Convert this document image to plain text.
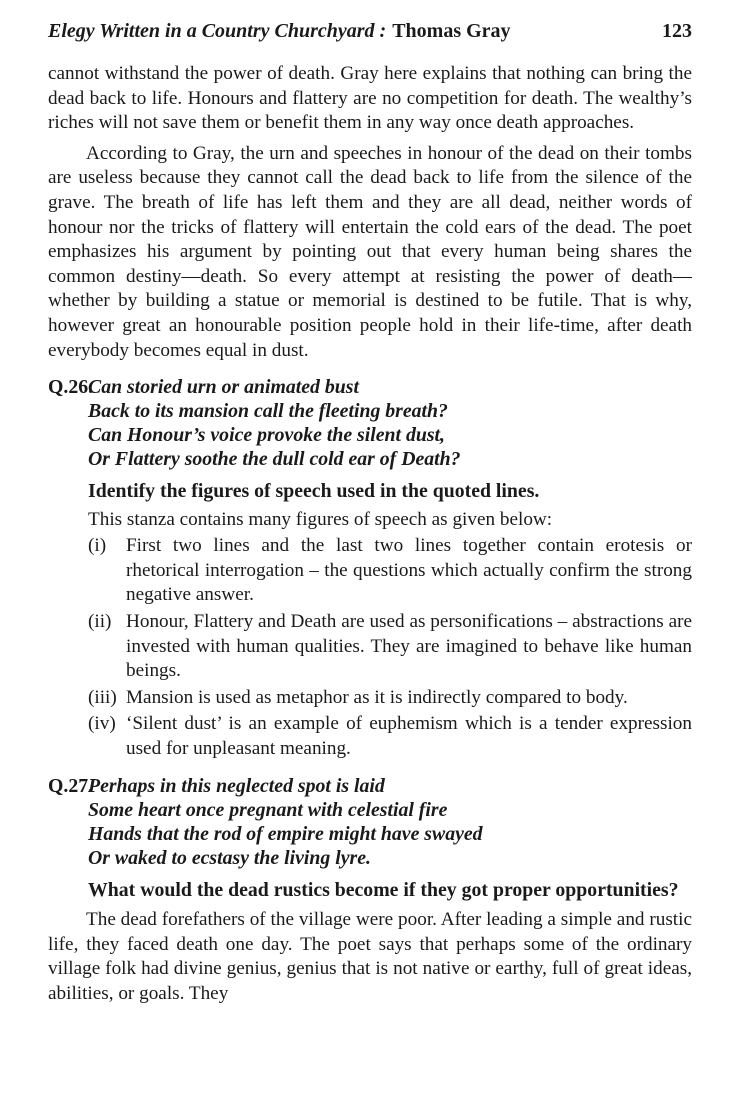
Elegy Written in a Country Churchyard : Thomas Gray	123

cannot withstand the power of death. Gray here explains that nothing can bring the dead back to life. Honours and flattery are no competition for death. The wealthy’s riches will not save them or benefit them in any way once death approaches.

According to Gray, the urn and speeches in honour of the dead on their tombs are useless because they cannot call the dead back to life from the silence of the grave. The breath of life has left them and they are all dead, neither words of honour nor the tricks of flattery will entertain the cold ears of the dead. The poet emphasizes his argument by pointing out that every human being shares the common destiny—death. So every attempt at resisting the power of death—whether by building a statue or memorial is destined to be futile. That is why, however great an honourable position people hold in their life-time, after death everybody becomes equal in dust.

Q.26.
Can storied urn or animated bust
Back to its mansion call the fleeting breath?
Can Honour’s voice provoke the silent dust,
Or Flattery soothe the dull cold ear of Death?
Identify the figures of speech used in the quoted lines.

This stanza contains many figures of speech as given below:

(i)	First two lines and the last two lines together contain erotesis or rhetorical interrogation – the questions which actually confirm the strong negative answer.
(ii) Honour, Flattery and Death are used as personifications – abstractions are invested with human qualities. They are imagined to behave like human beings.
(iii) Mansion is used as metaphor as it is indirectly compared to body.
(iv) ‘Silent dust’ is an example of euphemism which is a tender expression used for unpleasant meaning.
Q.27.
Perhaps in this neglected spot is laid
Some heart once pregnant with celestial fire
Hands that the rod of empire might have swayed
Or waked to ecstasy the living lyre.
What would the dead rustics become if they got proper opportunities?

The dead forefathers of the village were poor. After leading a simple and rustic life, they faced death one day. The poet says that perhaps some of the ordinary village folk had divine genius, genius that is not native or earthy, full of great ideas, abilities, or goals. They
